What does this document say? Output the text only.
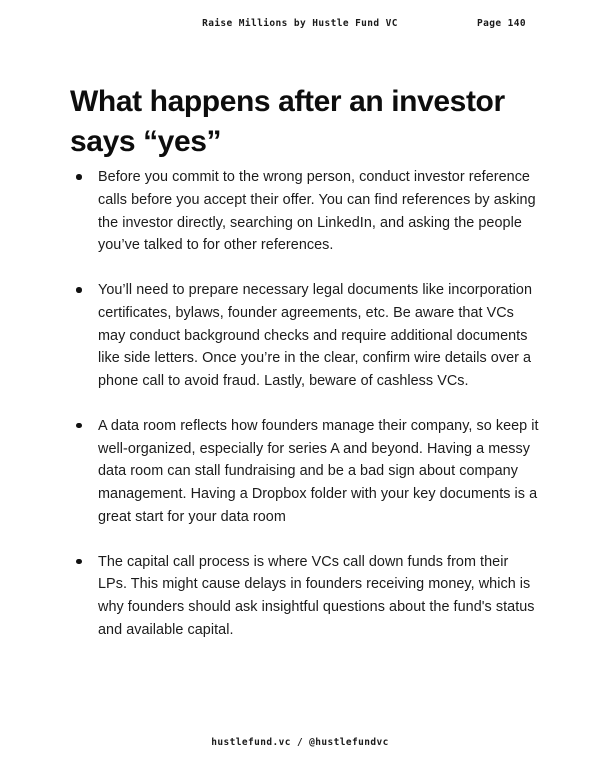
Raise Millions by Hustle Fund VC	Page 140
What happens after an investor says “yes”
Before you commit to the wrong person, conduct investor reference calls before you accept their offer. You can find references by asking the investor directly, searching on LinkedIn, and asking the people you’ve talked to for other references.
You’ll need to prepare necessary legal documents like incorporation certificates, bylaws, founder agreements, etc. Be aware that VCs may conduct background checks and require additional documents like side letters. Once you’re in the clear, confirm wire details over a phone call to avoid fraud. Lastly, beware of cashless VCs.
A data room reflects how founders manage their company, so keep it well-organized, especially for series A and beyond. Having a messy data room can stall fundraising and be a bad sign about company management. Having a Dropbox folder with your key documents is a great start for your data room
The capital call process is where VCs call down funds from their LPs. This might cause delays in founders receiving money, which is why founders should ask insightful questions about the fund's status and available capital.
hustlefund.vc / @hustlefundvc
